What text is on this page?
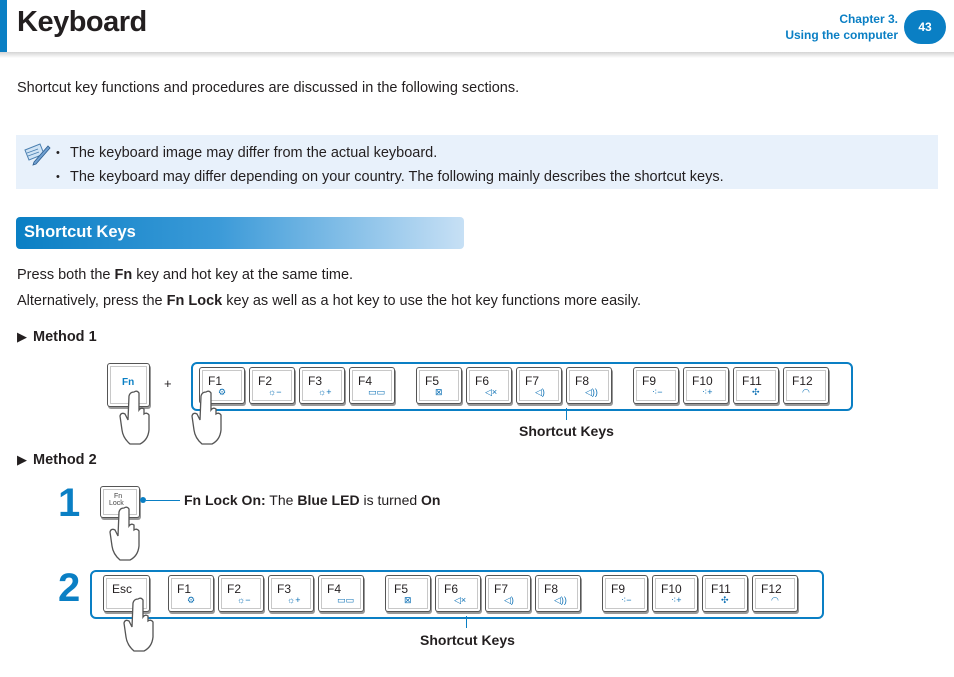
Keyboard	Chapter 3.
Using the computer
43
Shortcut key functions and procedures are discussed in the following sections.
• The keyboard image may differ from the actual keyboard.
• The keyboard may differ depending on your country. The following mainly describes the shortcut keys.
Shortcut Keys
Press both the Fn key and hot key at the same time.
Alternatively, press the Fn Lock key as well as a hot key to use the hot key functions more easily.
▶ Method 1
Fn +	F1
⚙
F2
☼−
F3
☼+
F4
▭▭
F5
⊠
F6
◁×
F7
◁)
F8
◁))
F9
⁖−
F10
⁖+
F11
✣
F12
◠
Shortcut Keys
▶ Method 2
1	Fn
Lock	Fn Lock On: The Blue LED is turned On
2	Esc	F1
⚙
F2
☼−
F3
☼+
F4
▭▭
F5
⊠
F6
◁×
F7
◁)
F8
◁))
F9
⁖−
F10
⁖+
F11
✣
F12
◠
Shortcut Keys
